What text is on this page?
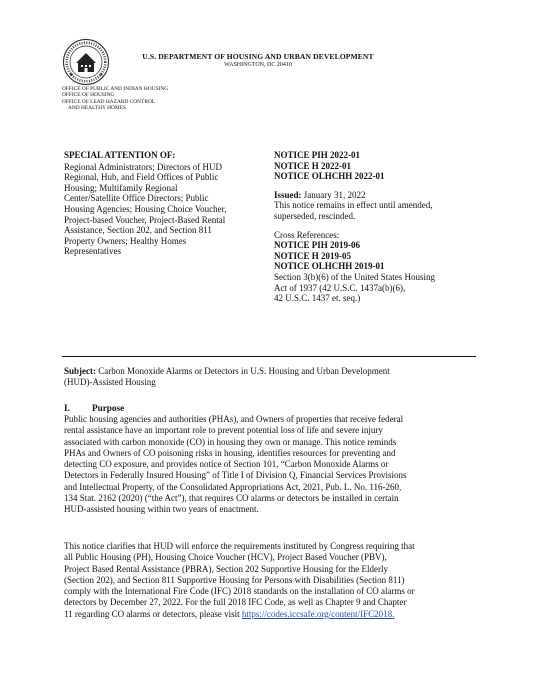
★	★
U.S. DEPARTMENT OF HOUSING AND URBAN DEVELOPMENT
WASHINGTON, DC 20410
OFFICE OF PUBLIC AND INDIAN HOUSING
OFFICE OF HOUSING
OFFICE OF LEAD HAZARD CONTROL
AND HEALTHY HOMES
SPECIAL ATTENTION OF:
Regional Administrators; Directors of HUD
Regional, Hub, and Field Offices of Public
Housing; Multifamily Regional
Center/Satellite Office Directors; Public
Housing Agencies; Housing Choice Voucher,
Project-based Voucher, Project-Based Rental
Assistance, Section 202, and Section 811
Property Owners; Healthy Homes
Representatives
NOTICE PIH 2022-01
NOTICE H 2022-01
NOTICE OLHCHH 2022-01
Issued: January 31, 2022
This notice remains in effect until amended,
superseded, rescinded.
Cross References:
NOTICE PIH 2019-06
NOTICE H 2019-05
NOTICE OLHCHH 2019-01
Section 3(b)(6) of the United States Housing
Act of 1937 (42 U.S.C. 1437a(b)(6),
42 U.S.C. 1437 et. seq.)
Subject: Carbon Monoxide Alarms or Detectors in U.S. Housing and Urban Development
(HUD)-Assisted Housing
I. Purpose
Public housing agencies and authorities (PHAs), and Owners of properties that receive federal
rental assistance have an important role to prevent potential loss of life and severe injury
associated with carbon monoxide (CO) in housing they own or manage. This notice reminds
PHAs and Owners of CO poisoning risks in housing, identifies resources for preventing and
detecting CO exposure, and provides notice of Section 101, “Carbon Monoxide Alarms or
Detectors in Federally Insured Housing” of Title I of Division Q, Financial Services Provisions
and Intellectual Property, of the Consolidated Appropriations Act, 2021, Pub. L. No. 116-260,
134 Stat. 2162 (2020) (“the Act”), that requires CO alarms or detectors be installed in certain
HUD-assisted housing within two years of enactment.
This notice clarifies that HUD will enforce the requirements instituted by Congress requiring that
all Public Housing (PH), Housing Choice Voucher (HCV), Project Based Voucher (PBV),
Project Based Rental Assistance (PBRA), Section 202 Supportive Housing for the Elderly
(Section 202), and Section 811 Supportive Housing for Persons with Disabilities (Section 811)
comply with the International Fire Code (IFC) 2018 standards on the installation of CO alarms or
detectors by December 27, 2022. For the full 2018 IFC Code, as well as Chapter 9 and Chapter
11 regarding CO alarms or detectors, please visit https://codes.iccsafe.org/content/IFC2018.
